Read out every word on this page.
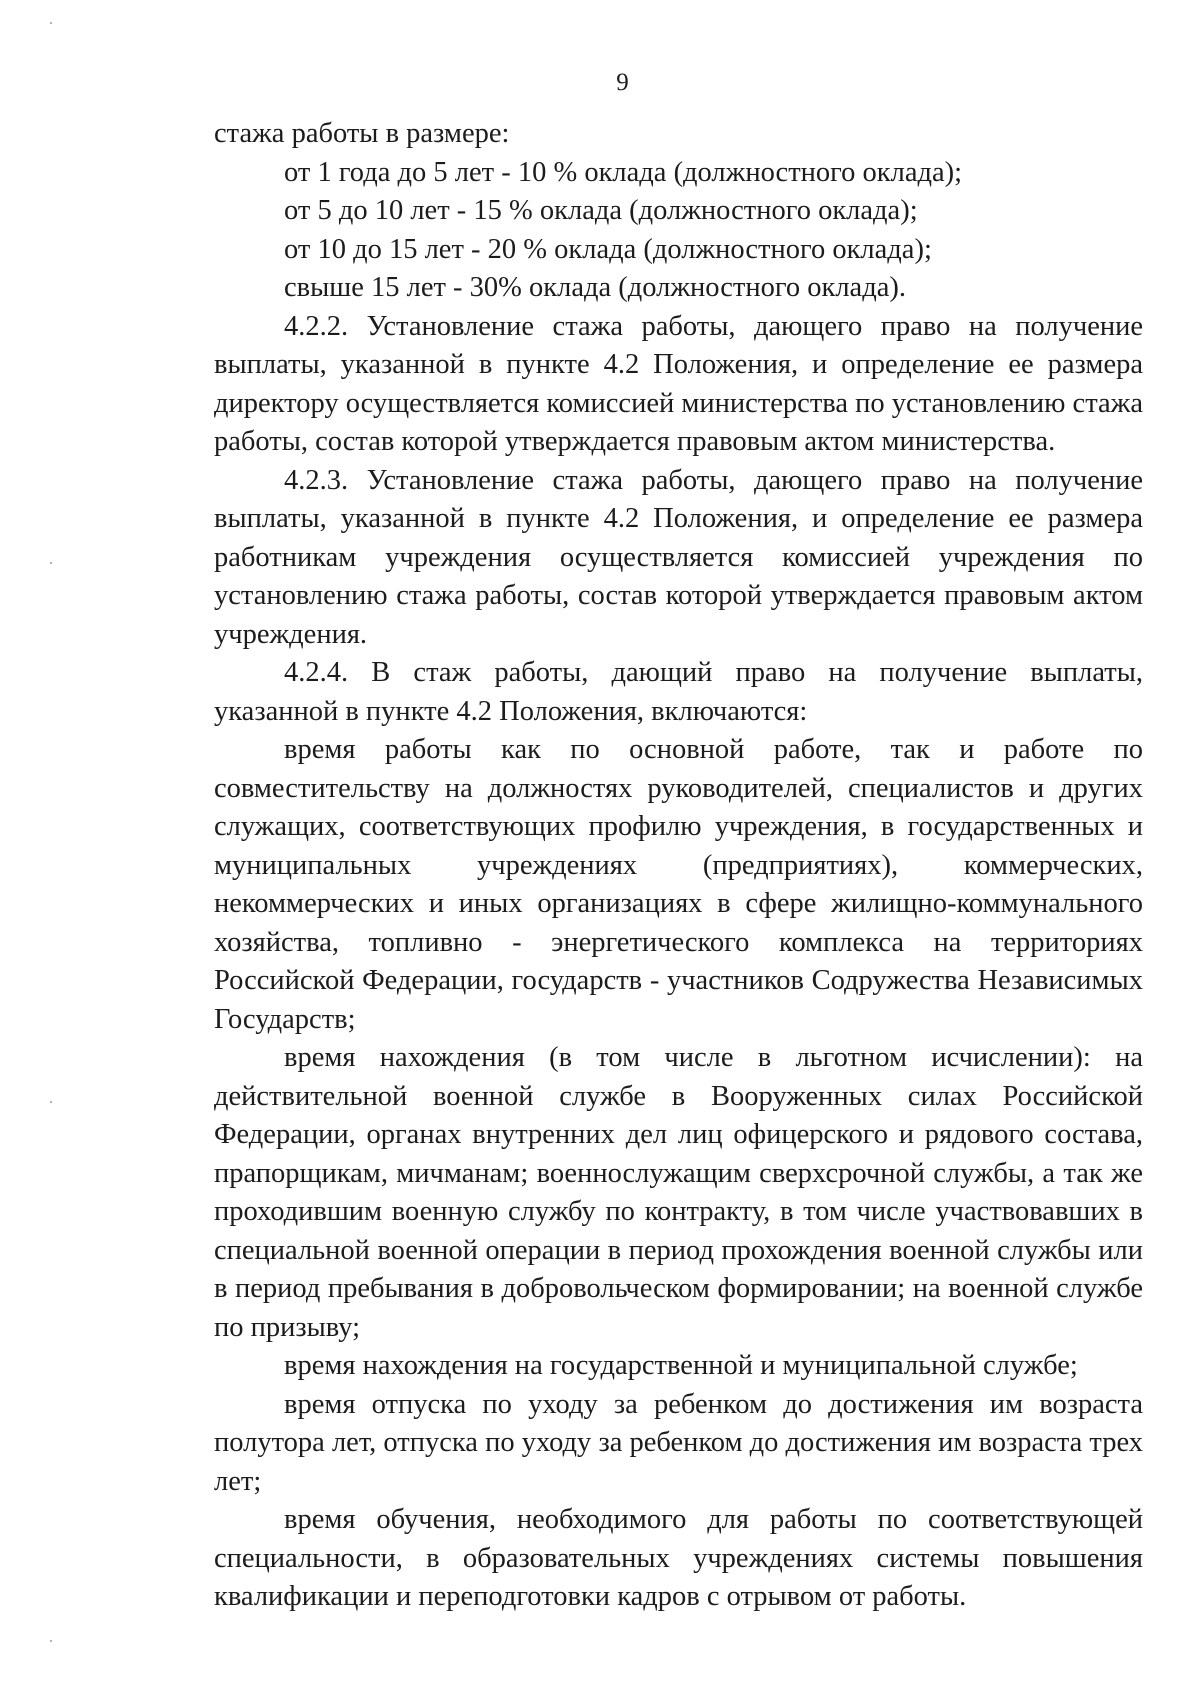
9

стажа работы в размере:

от 1 года до 5 лет - 10 % оклада (должностного оклада);

от 5 до 10 лет - 15 % оклада (должностного оклада);

от 10 до 15 лет - 20 % оклада (должностного оклада);

свыше 15 лет - 30% оклада (должностного оклада).

4.2.2. Установление стажа работы, дающего право на получение выплаты, указанной в пункте 4.2 Положения, и определение ее размера директору осуществляется комиссией министерства по установлению стажа работы, состав которой утверждается правовым актом министерства.

4.2.3. Установление стажа работы, дающего право на получение выплаты, указанной в пункте 4.2 Положения, и определение ее размера работникам учреждения осуществляется комиссией учреждения по установлению стажа работы, состав которой утверждается правовым актом учреждения.

4.2.4. В стаж работы, дающий право на получение выплаты, указанной в пункте 4.2 Положения, включаются:

время работы как по основной работе, так и работе по совместительству на должностях руководителей, специалистов и других служащих, соответствующих профилю учреждения, в государственных и муниципальных учреждениях (предприятиях), коммерческих, некоммерческих и иных организациях в сфере жилищно-коммунального хозяйства, топливно - энергетического комплекса на территориях Российской Федерации, государств - участников Содружества Независимых Государств;

время нахождения (в том числе в льготном исчислении): на действительной военной службе в Вооруженных силах Российской Федерации, органах внутренних дел лиц офицерского и рядового состава, прапорщикам, мичманам; военнослужащим сверхсрочной службы, а так же проходившим военную службу по контракту, в том числе участвовавших в специальной военной операции в период прохождения военной службы или в период пребывания в добровольческом формировании; на военной службе по призыву;

время нахождения на государственной и муниципальной службе;

время отпуска по уходу за ребенком до достижения им возраста полутора лет, отпуска по уходу за ребенком до достижения им возраста трех лет;

время обучения, необходимого для работы по соответствующей специальности, в образовательных учреждениях системы повышения квалификации и переподготовки кадров с отрывом от работы.
